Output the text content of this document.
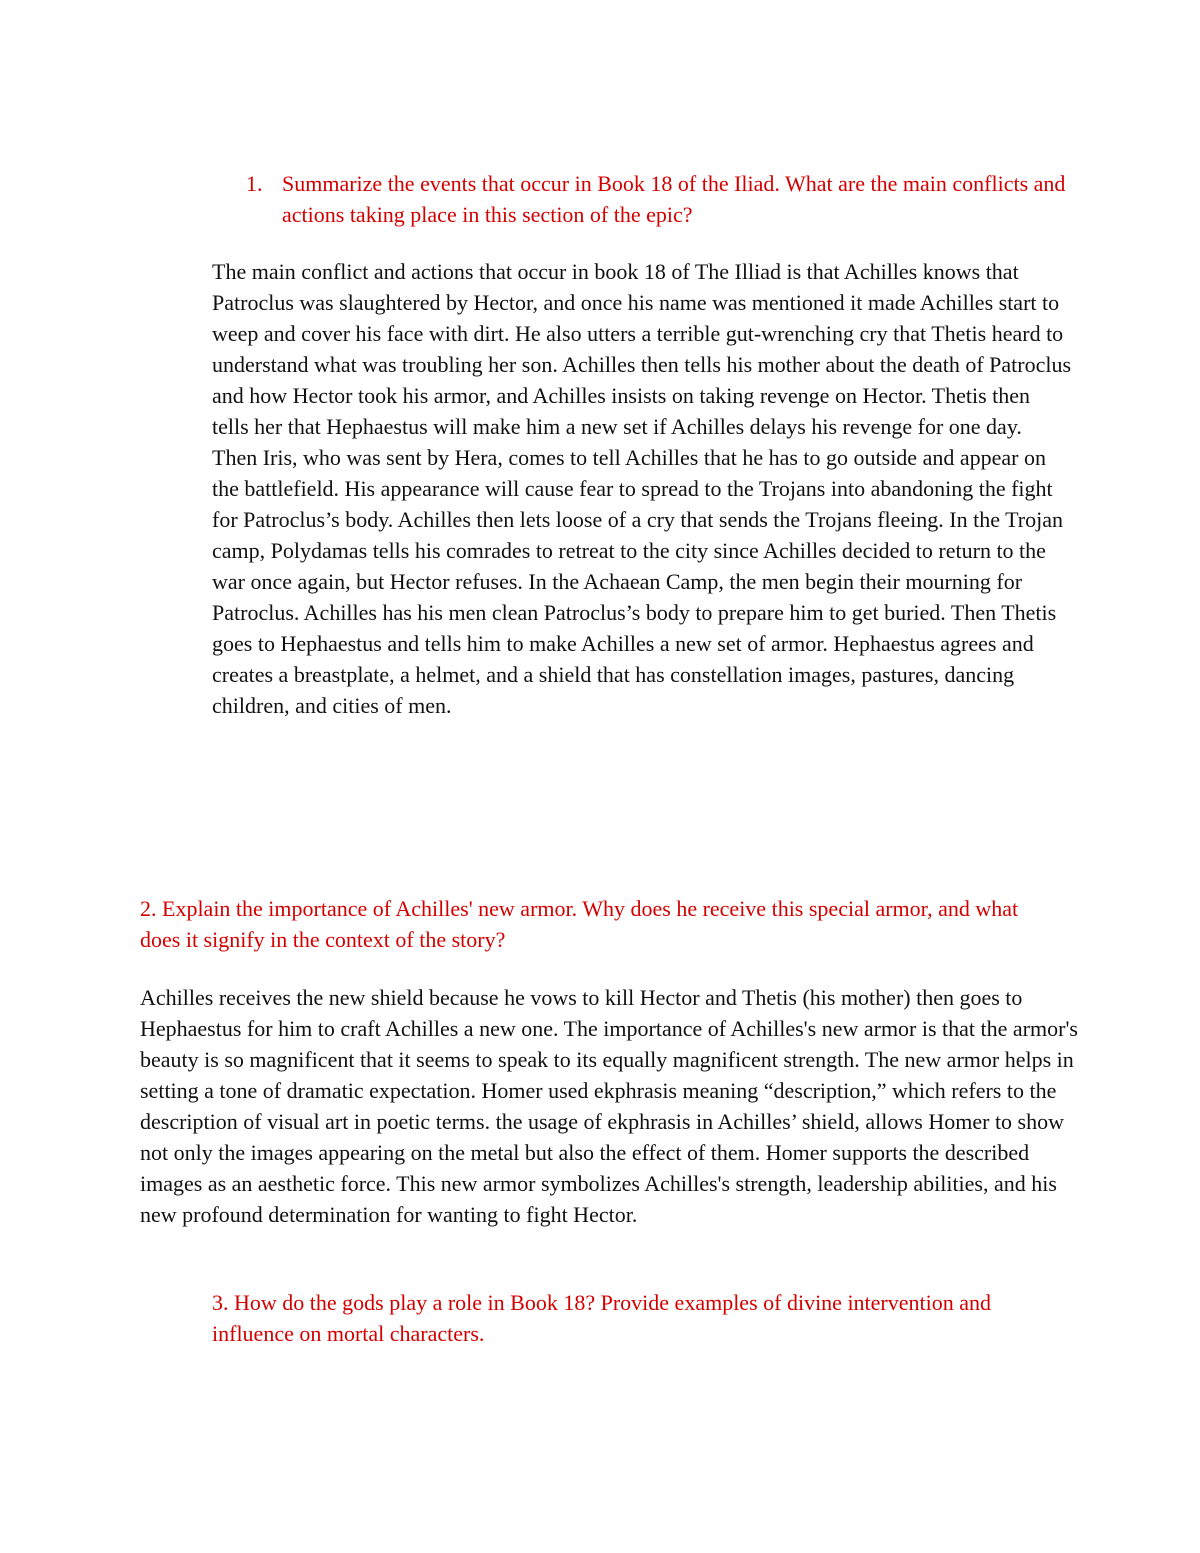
1. Summarize the events that occur in Book 18 of the Iliad. What are the main conflicts and actions taking place in this section of the epic?

The main conflict and actions that occur in book 18 of The Illiad is that Achilles knows that Patroclus was slaughtered by Hector, and once his name was mentioned it made Achilles start to weep and cover his face with dirt. He also utters a terrible gut-wrenching cry that Thetis heard to understand what was troubling her son. Achilles then tells his mother about the death of Patroclus and how Hector took his armor, and Achilles insists on taking revenge on Hector. Thetis then tells her that Hephaestus will make him a new set if Achilles delays his revenge for one day. Then Iris, who was sent by Hera, comes to tell Achilles that he has to go outside and appear on the battlefield. His appearance will cause fear to spread to the Trojans into abandoning the fight for Patroclus’s body. Achilles then lets loose of a cry that sends the Trojans fleeing. In the Trojan camp, Polydamas tells his comrades to retreat to the city since Achilles decided to return to the war once again, but Hector refuses. In the Achaean Camp, the men begin their mourning for Patroclus. Achilles has his men clean Patroclus’s body to prepare him to get buried. Then Thetis goes to Hephaestus and tells him to make Achilles a new set of armor. Hephaestus agrees and creates a breastplate, a helmet, and a shield that has constellation images, pastures, dancing children, and cities of men.

2. Explain the importance of Achilles' new armor. Why does he receive this special armor, and what does it signify in the context of the story?

Achilles receives the new shield because he vows to kill Hector and Thetis (his mother) then goes to Hephaestus for him to craft Achilles a new one. The importance of Achilles's new armor is that the armor's beauty is so magnificent that it seems to speak to its equally magnificent strength. The new armor helps in setting a tone of dramatic expectation. Homer used ekphrasis meaning “description,” which refers to the description of visual art in poetic terms. the usage of ekphrasis in Achilles’ shield, allows Homer to show not only the images appearing on the metal but also the effect of them. Homer supports the described images as an aesthetic force. This new armor symbolizes Achilles's strength, leadership abilities, and his new profound determination for wanting to fight Hector.

3. How do the gods play a role in Book 18? Provide examples of divine intervention and influence on mortal characters.
